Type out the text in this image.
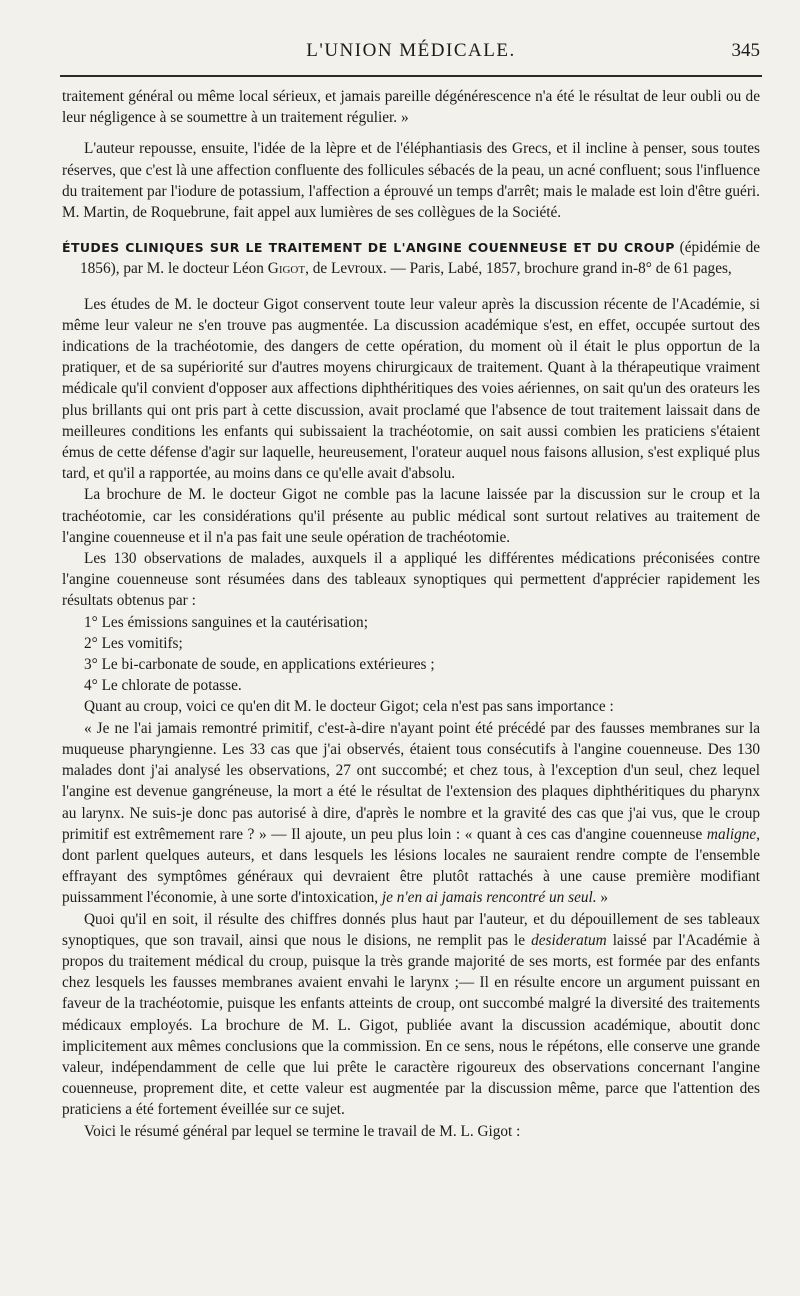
L'UNION MÉDICALE.	345

traitement général ou même local sérieux, et jamais pareille dégénérescence n'a été le résultat de leur oubli ou de leur négligence à se soumettre à un traitement régulier. »

L'auteur repousse, ensuite, l'idée de la lèpre et de l'éléphantiasis des Grecs, et il incline à penser, sous toutes réserves, que c'est là une affection confluente des follicules sébacés de la peau, un acné confluent; sous l'influence du traitement par l'iodure de potassium, l'affection a éprouvé un temps d'arrêt; mais le malade est loin d'être guéri. M. Martin, de Roquebrune, fait appel aux lumières de ses collègues de la Société.

ÉTUDES CLINIQUES SUR LE TRAITEMENT DE L'ANGINE COUENNEUSE ET DU CROUP (épidémie de 1856), par M. le docteur Léon Gigot, de Levroux. — Paris, Labé, 1857, brochure grand in-8° de 61 pages,

Les études de M. le docteur Gigot conservent toute leur valeur après la discussion récente de l'Académie, si même leur valeur ne s'en trouve pas augmentée. La discussion académique s'est, en effet, occupée surtout des indications de la trachéotomie, des dangers de cette opération, du moment où il était le plus opportun de la pratiquer, et de sa supériorité sur d'autres moyens chirurgicaux de traitement. Quant à la thérapeutique vraiment médicale qu'il convient d'opposer aux affections diphthéritiques des voies aériennes, on sait qu'un des orateurs les plus brillants qui ont pris part à cette discussion, avait proclamé que l'absence de tout traitement laissait dans de meilleures conditions les enfants qui subissaient la trachéotomie, on sait aussi combien les praticiens s'étaient émus de cette défense d'agir sur laquelle, heureusement, l'orateur auquel nous faisons allusion, s'est expliqué plus tard, et qu'il a rapportée, au moins dans ce qu'elle avait d'absolu.

La brochure de M. le docteur Gigot ne comble pas la lacune laissée par la discussion sur le croup et la trachéotomie, car les considérations qu'il présente au public médical sont surtout relatives au traitement de l'angine couenneuse et il n'a pas fait une seule opération de trachéotomie.

Les 130 observations de malades, auxquels il a appliqué les différentes médications préconisées contre l'angine couenneuse sont résumées dans des tableaux synoptiques qui permettent d'apprécier rapidement les résultats obtenus par :

1° Les émissions sanguines et la cautérisation;

2° Les vomitifs;

3° Le bi-carbonate de soude, en applications extérieures ;

4° Le chlorate de potasse.

Quant au croup, voici ce qu'en dit M. le docteur Gigot; cela n'est pas sans importance :

« Je ne l'ai jamais remontré primitif, c'est-à-dire n'ayant point été précédé par des fausses membranes sur la muqueuse pharyngienne. Les 33 cas que j'ai observés, étaient tous consécutifs à l'angine couenneuse. Des 130 malades dont j'ai analysé les observations, 27 ont succombé; et chez tous, à l'exception d'un seul, chez lequel l'angine est devenue gangréneuse, la mort a été le résultat de l'extension des plaques diphthéritiques du pharynx au larynx. Ne suis-je donc pas autorisé à dire, d'après le nombre et la gravité des cas que j'ai vus, que le croup primitif est extrêmement rare ? » — Il ajoute, un peu plus loin : « quant à ces cas d'angine couenneuse maligne, dont parlent quelques auteurs, et dans lesquels les lésions locales ne sauraient rendre compte de l'ensemble effrayant des symptômes généraux qui devraient être plutôt rattachés à une cause première modifiant puissamment l'économie, à une sorte d'intoxication, je n'en ai jamais rencontré un seul. »

Quoi qu'il en soit, il résulte des chiffres donnés plus haut par l'auteur, et du dépouillement de ses tableaux synoptiques, que son travail, ainsi que nous le disions, ne remplit pas le desideratum laissé par l'Académie à propos du traitement médical du croup, puisque la très grande majorité de ses morts, est formée par des enfants chez lesquels les fausses membranes avaient envahi le larynx ;— Il en résulte encore un argument puissant en faveur de la trachéotomie, puisque les enfants atteints de croup, ont succombé malgré la diversité des traitements médicaux employés. La brochure de M. L. Gigot, publiée avant la discussion académique, aboutit donc implicitement aux mêmes conclusions que la commission. En ce sens, nous le répétons, elle conserve une grande valeur, indépendamment de celle que lui prête le caractère rigoureux des observations concernant l'angine couenneuse, proprement dite, et cette valeur est augmentée par la discussion même, parce que l'attention des praticiens a été fortement éveillée sur ce sujet.

Voici le résumé général par lequel se termine le travail de M. L. Gigot :
